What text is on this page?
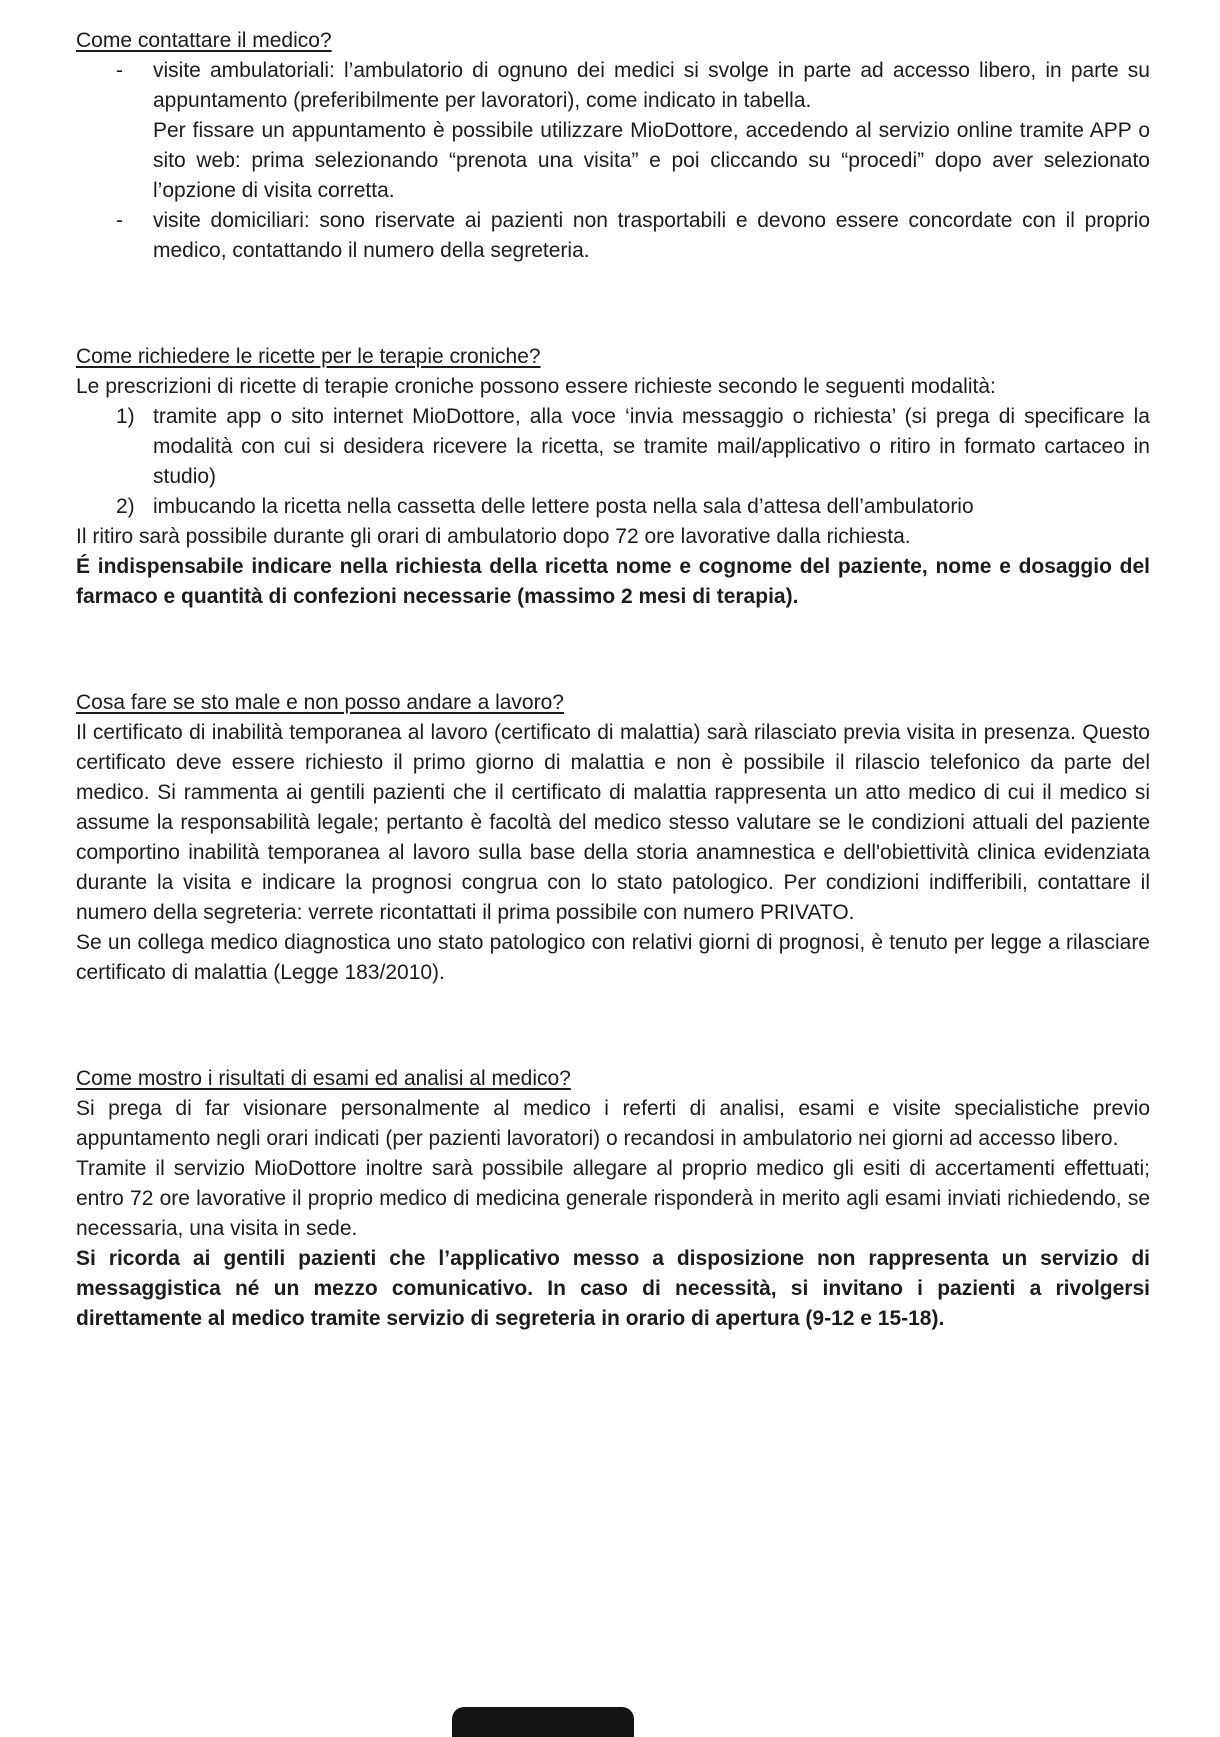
Come contattare il medico?
-	visite ambulatoriali: l’ambulatorio di ognuno dei medici si svolge in parte ad accesso libero, in parte su appuntamento (preferibilmente per lavoratori), come indicato in tabella.

Per fissare un appuntamento è possibile utilizzare MioDottore, accedendo al servizio online tramite APP o sito web: prima selezionando “prenota una visita” e poi cliccando su “procedi” dopo aver selezionato l’opzione di visita corretta.

-	visite domiciliari: sono riservate ai pazienti non trasportabili e devono essere concordate con il proprio medico, contattando il numero della segreteria.

Come richiedere le ricette per le terapie croniche?

Le prescrizioni di ricette di terapie croniche possono essere richieste secondo le seguenti modalità:

1) tramite app o sito internet MioDottore, alla voce ‘invia messaggio o richiesta’ (si prega di specificare la modalità con cui si desidera ricevere la ricetta, se tramite mail/applicativo o ritiro in formato cartaceo in studio)

2) imbucando la ricetta nella cassetta delle lettere posta nella sala d’attesa dell’ambulatorio

Il ritiro sarà possibile durante gli orari di ambulatorio dopo 72 ore lavorative dalla richiesta.

É indispensabile indicare nella richiesta della ricetta nome e cognome del paziente, nome e dosaggio del farmaco e quantità di confezioni necessarie (massimo 2 mesi di terapia).

Cosa fare se sto male e non posso andare a lavoro?

Il certificato di inabilità temporanea al lavoro (certificato di malattia) sarà rilasciato previa visita in presenza. Questo certificato deve essere richiesto il primo giorno di malattia e non è possibile il rilascio telefonico da parte del medico. Si rammenta ai gentili pazienti che il certificato di malattia rappresenta un atto medico di cui il medico si assume la responsabilità legale; pertanto è facoltà del medico stesso valutare se le condizioni attuali del paziente comportino inabilità temporanea al lavoro sulla base della storia anamnestica e dell'obiettività clinica evidenziata durante la visita e indicare la prognosi congrua con lo stato patologico. Per condizioni indifferibili, contattare il numero della segreteria: verrete ricontattati il prima possibile con numero PRIVATO.

Se un collega medico diagnostica uno stato patologico con relativi giorni di prognosi, è tenuto per legge a rilasciare certificato di malattia (Legge 183/2010).

Come mostro i risultati di esami ed analisi al medico?

Si prega di far visionare personalmente al medico i referti di analisi, esami e visite specialistiche previo appuntamento negli orari indicati (per pazienti lavoratori) o recandosi in ambulatorio nei giorni ad accesso libero.

Tramite il servizio MioDottore inoltre sarà possibile allegare al proprio medico gli esiti di accertamenti effettuati; entro 72 ore lavorative il proprio medico di medicina generale risponderà in merito agli esami inviati richiedendo, se necessaria, una visita in sede.

Si ricorda ai gentili pazienti che l’applicativo messo a disposizione non rappresenta un servizio di messaggistica né un mezzo comunicativo. In caso di necessità, si invitano i pazienti a rivolgersi direttamente al medico tramite servizio di segreteria in orario di apertura (9-12 e 15-18).
